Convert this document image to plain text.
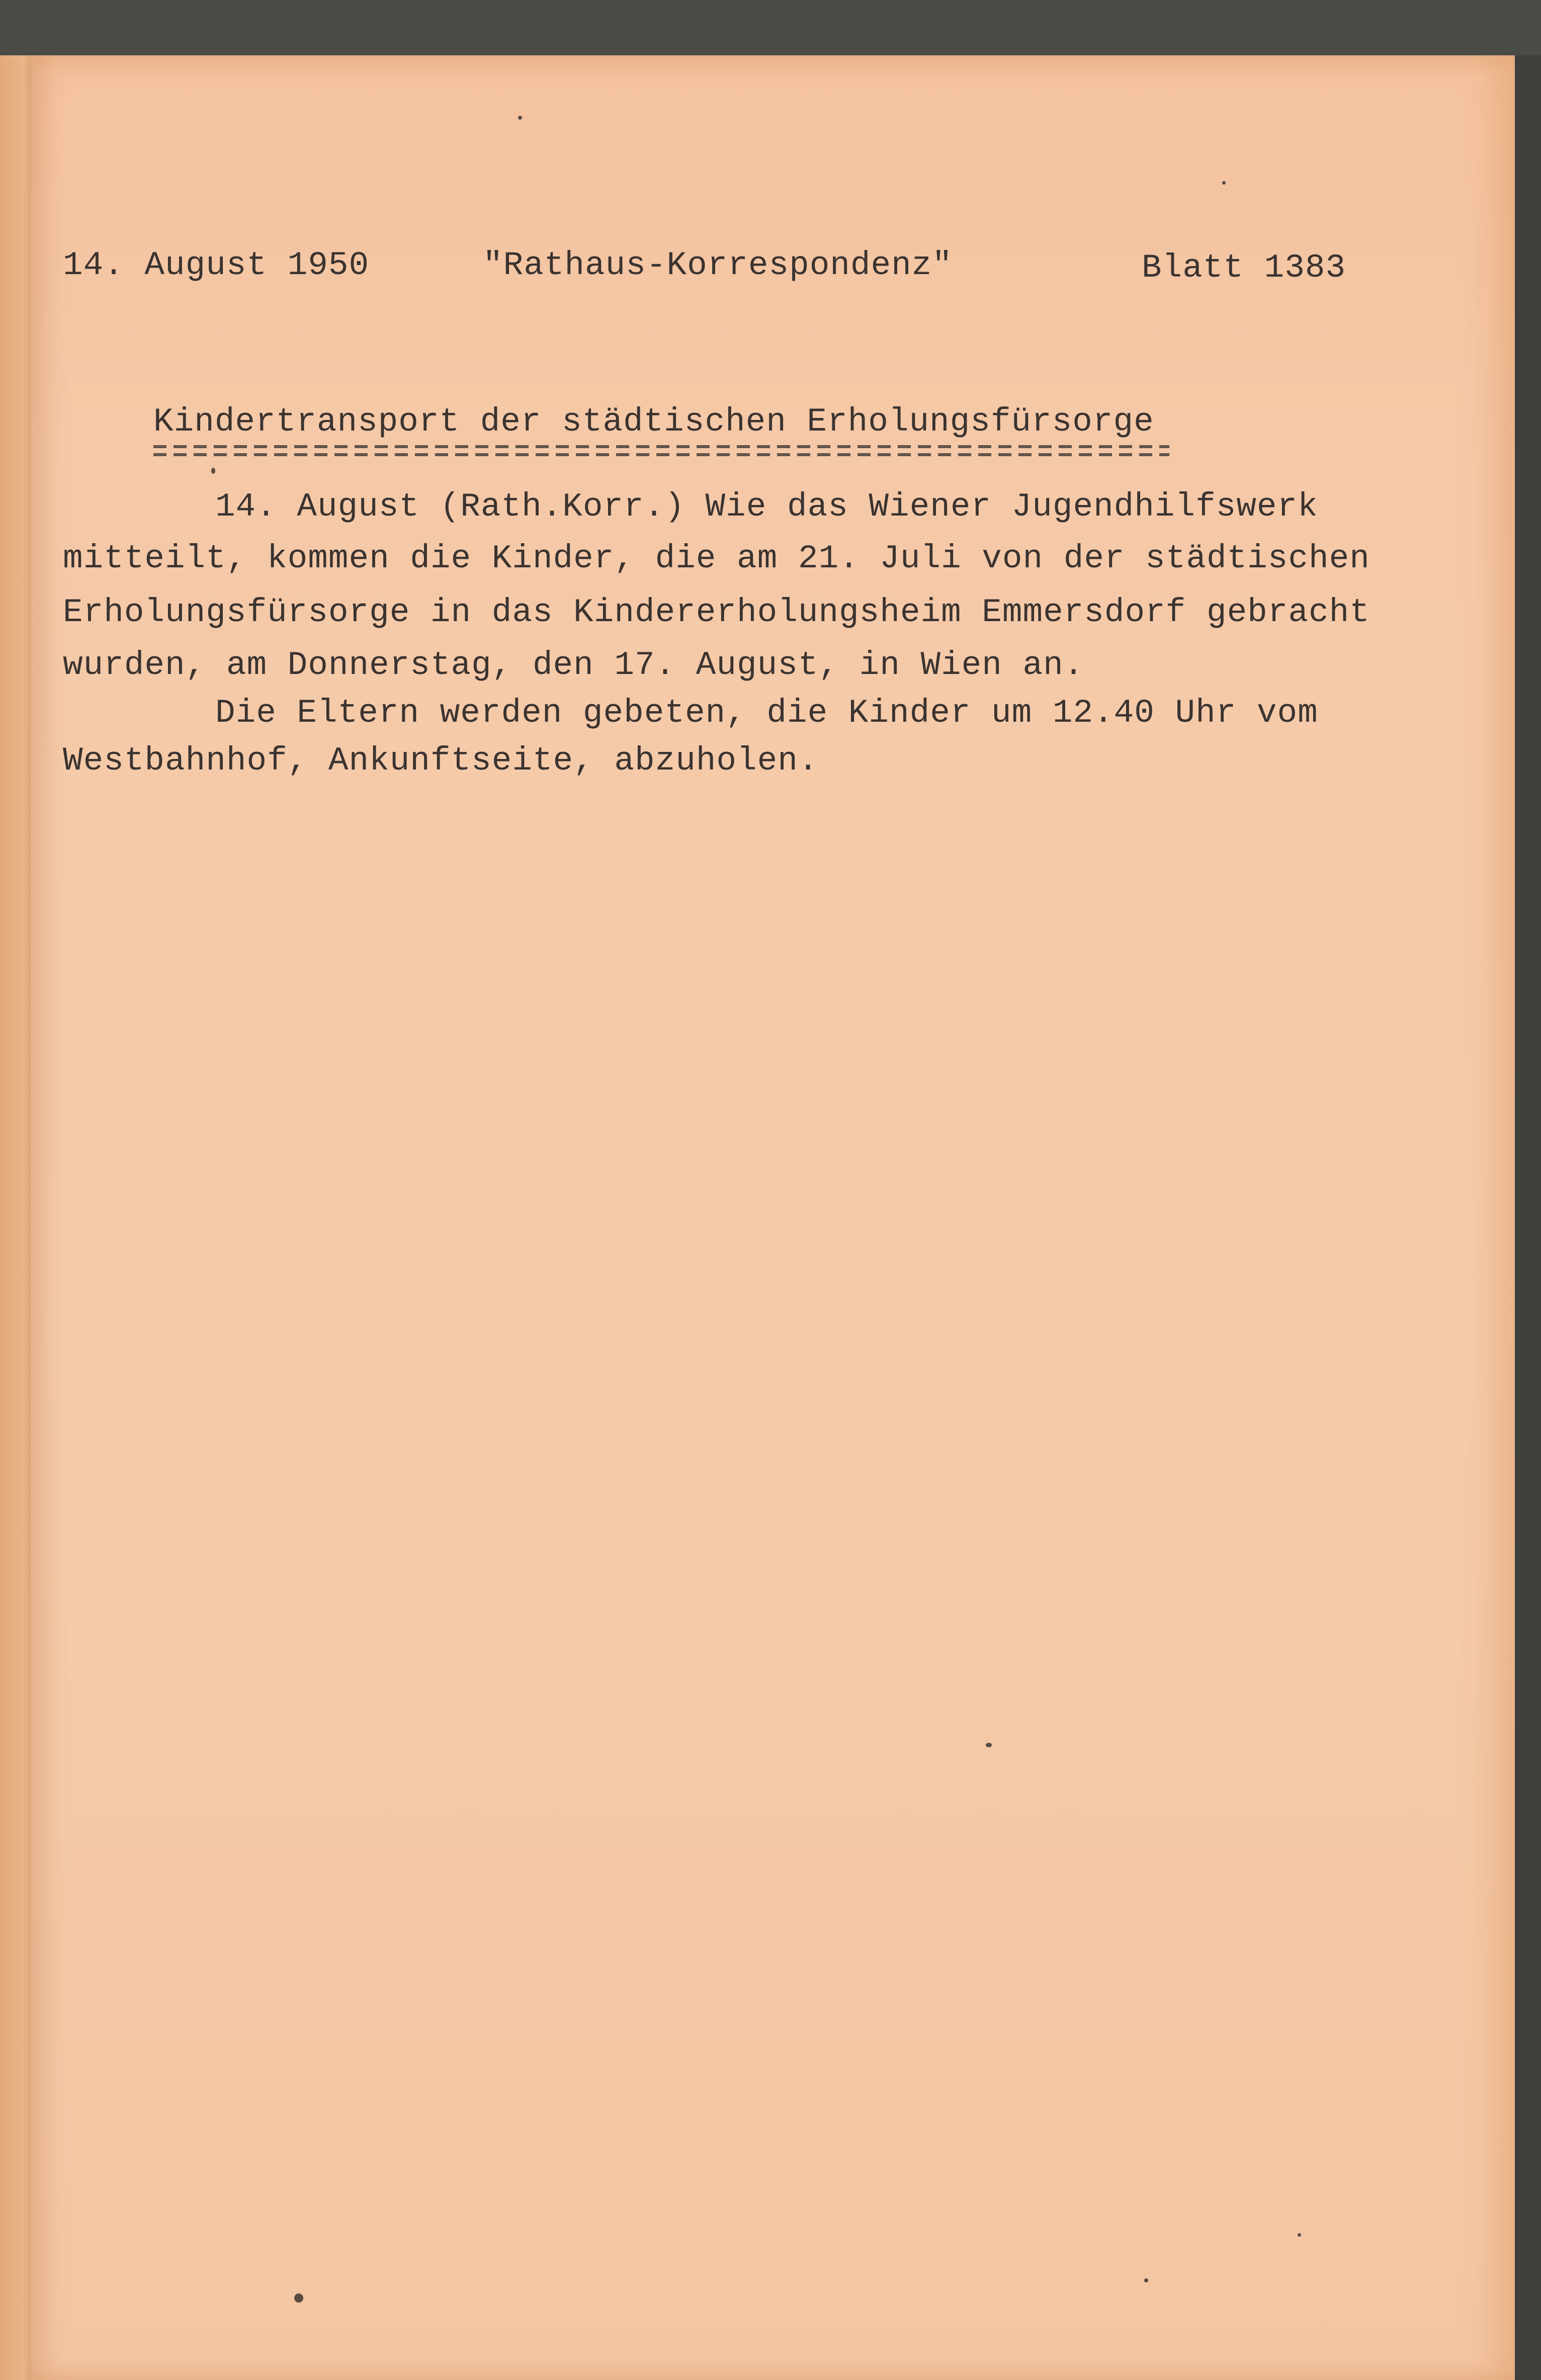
14. August 1950	"Rathaus-Korrespondenz"	Blatt 1383
Kindertransport der städtischen Erholungsfürsorge
14. August (Rath.Korr.) Wie das Wiener Jugendhilfswerk
mitteilt, kommen die Kinder, die am 21. Juli von der städtischen
Erholungsfürsorge in das Kindererholungsheim Emmersdorf gebracht
wurden, am Donnerstag, den 17. August, in Wien an.
Die Eltern werden gebeten, die Kinder um 12.40 Uhr vom
Westbahnhof, Ankunftseite, abzuholen.
